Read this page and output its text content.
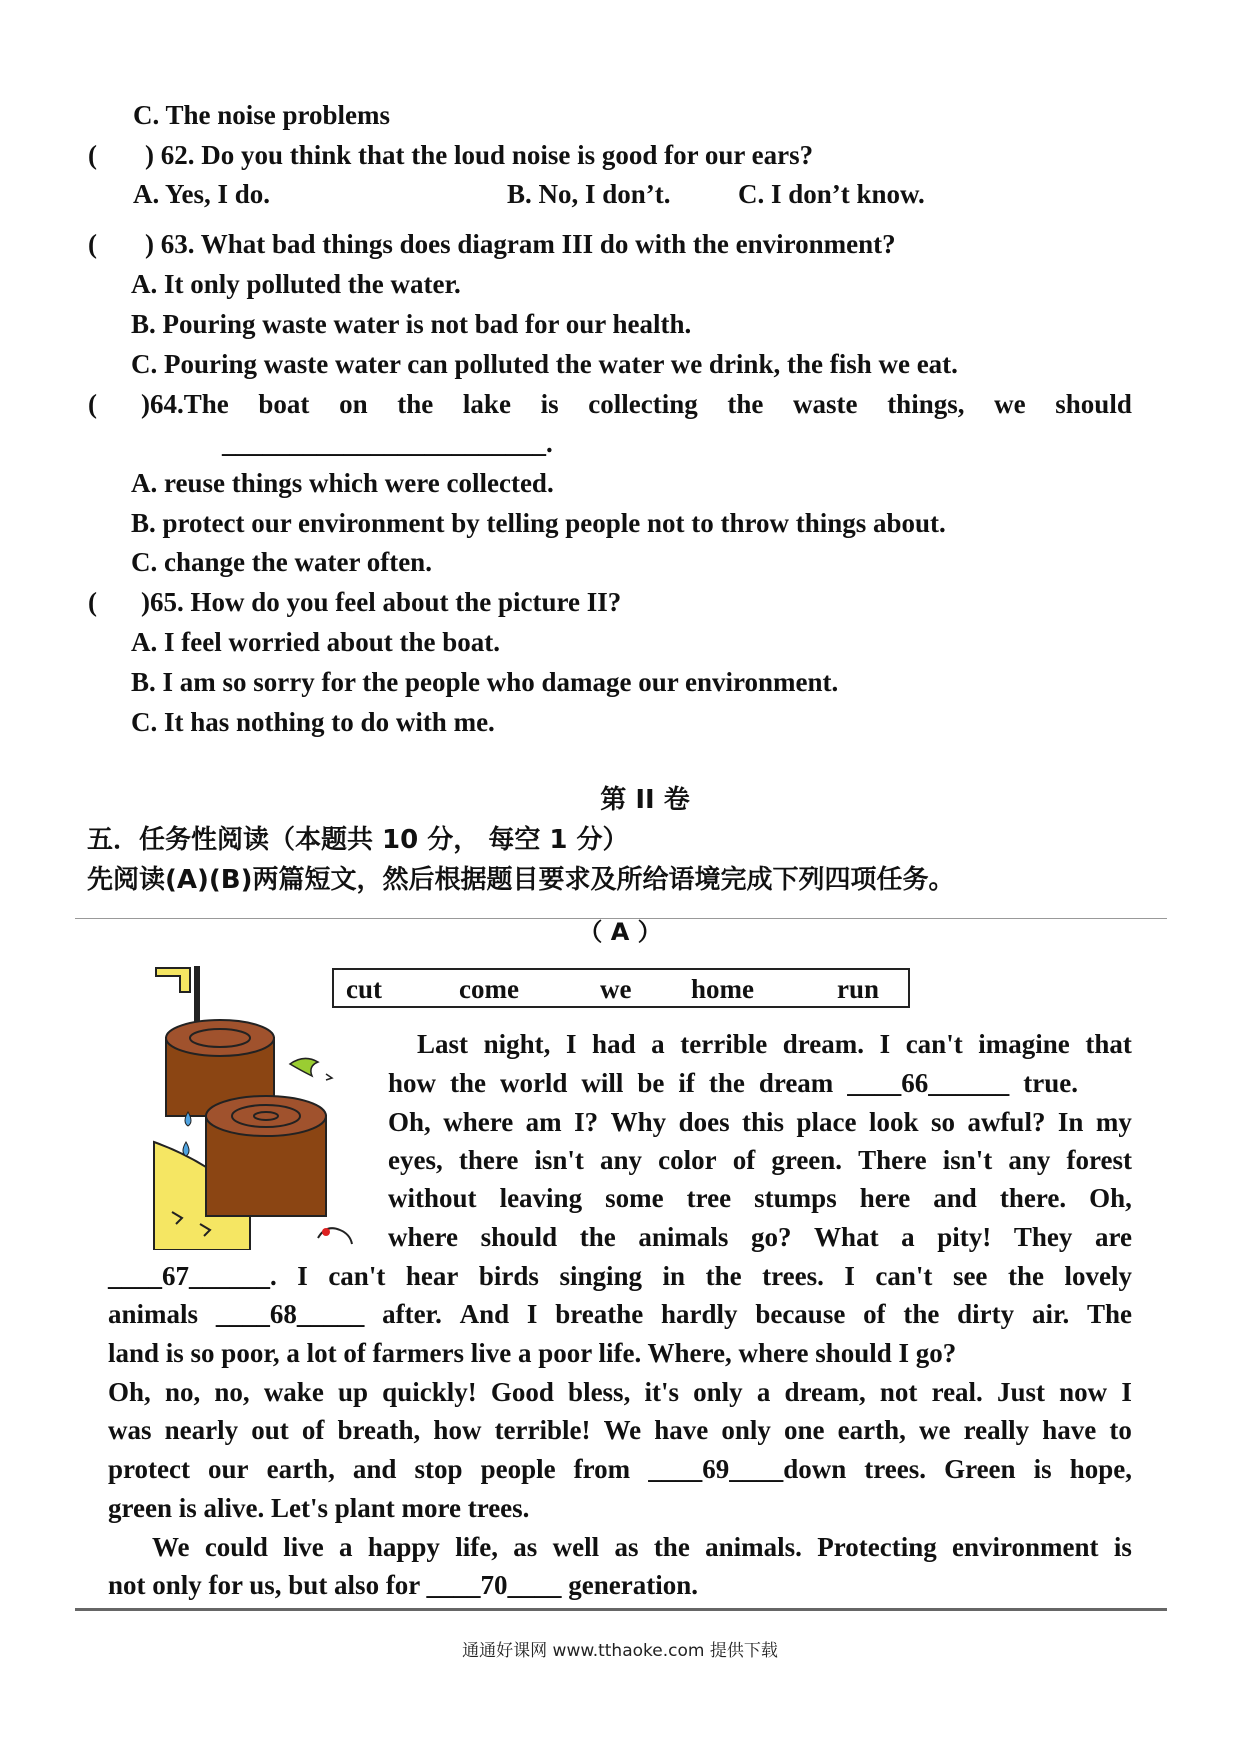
C. The noise problems
( ) 62. Do you think that the loud noise is good for our ears?
A. Yes, I do.	B. No, I don’t. C. I don’t know.
( ) 63. What bad things does diagram III do with the environment?
A. It only polluted the water.
B. Pouring waste water is not bad for our health.
C. Pouring waste water can polluted the water we drink, the fish we eat.
( )64.The boat on the lake is collecting the waste things, we should
________________________.
A. reuse things which were collected.
B. protect our environment by telling people not to throw things about.
C. change the water often.
( )65. How do you feel about the picture II?
A. I feel worried about the boat.
B. I am so sorry for the people who damage our environment.
C. It has nothing to do with me.
第 II 卷
五．任务性阅读（本题共 10 分， 每空 1 分）
先阅读(A)(B)两篇短文，然后根据题目要求及所给语境完成下列四项任务。
（ A ）
cut	come	we home	run
Last night, I had a terrible dream. I can't imagine that
how the world will be if the dream ____66______ true.
Oh, where am I? Why does this place look so awful? In my
eyes, there isn't any color of green. There isn't any forest
without leaving some tree stumps here and there. Oh,
where should the animals go? What a pity! They are
____67______. I can't hear birds singing in the trees. I can't see the lovely
animals ____68_____ after. And I breathe hardly because of the dirty air. The
land is so poor, a lot of farmers live a poor life. Where, where should I go?
Oh, no, no, wake up quickly! Good bless, it's only a dream, not real. Just now I
was nearly out of breath, how terrible! We have only one earth, we really have to
protect our earth, and stop people from ____69____down trees. Green is hope,
green is alive. Let's plant more trees.
We could live a happy life, as well as the animals. Protecting environment is
not only for us, but also for ____70____ generation.
通通好课网 www.tthaoke.com 提供下载
